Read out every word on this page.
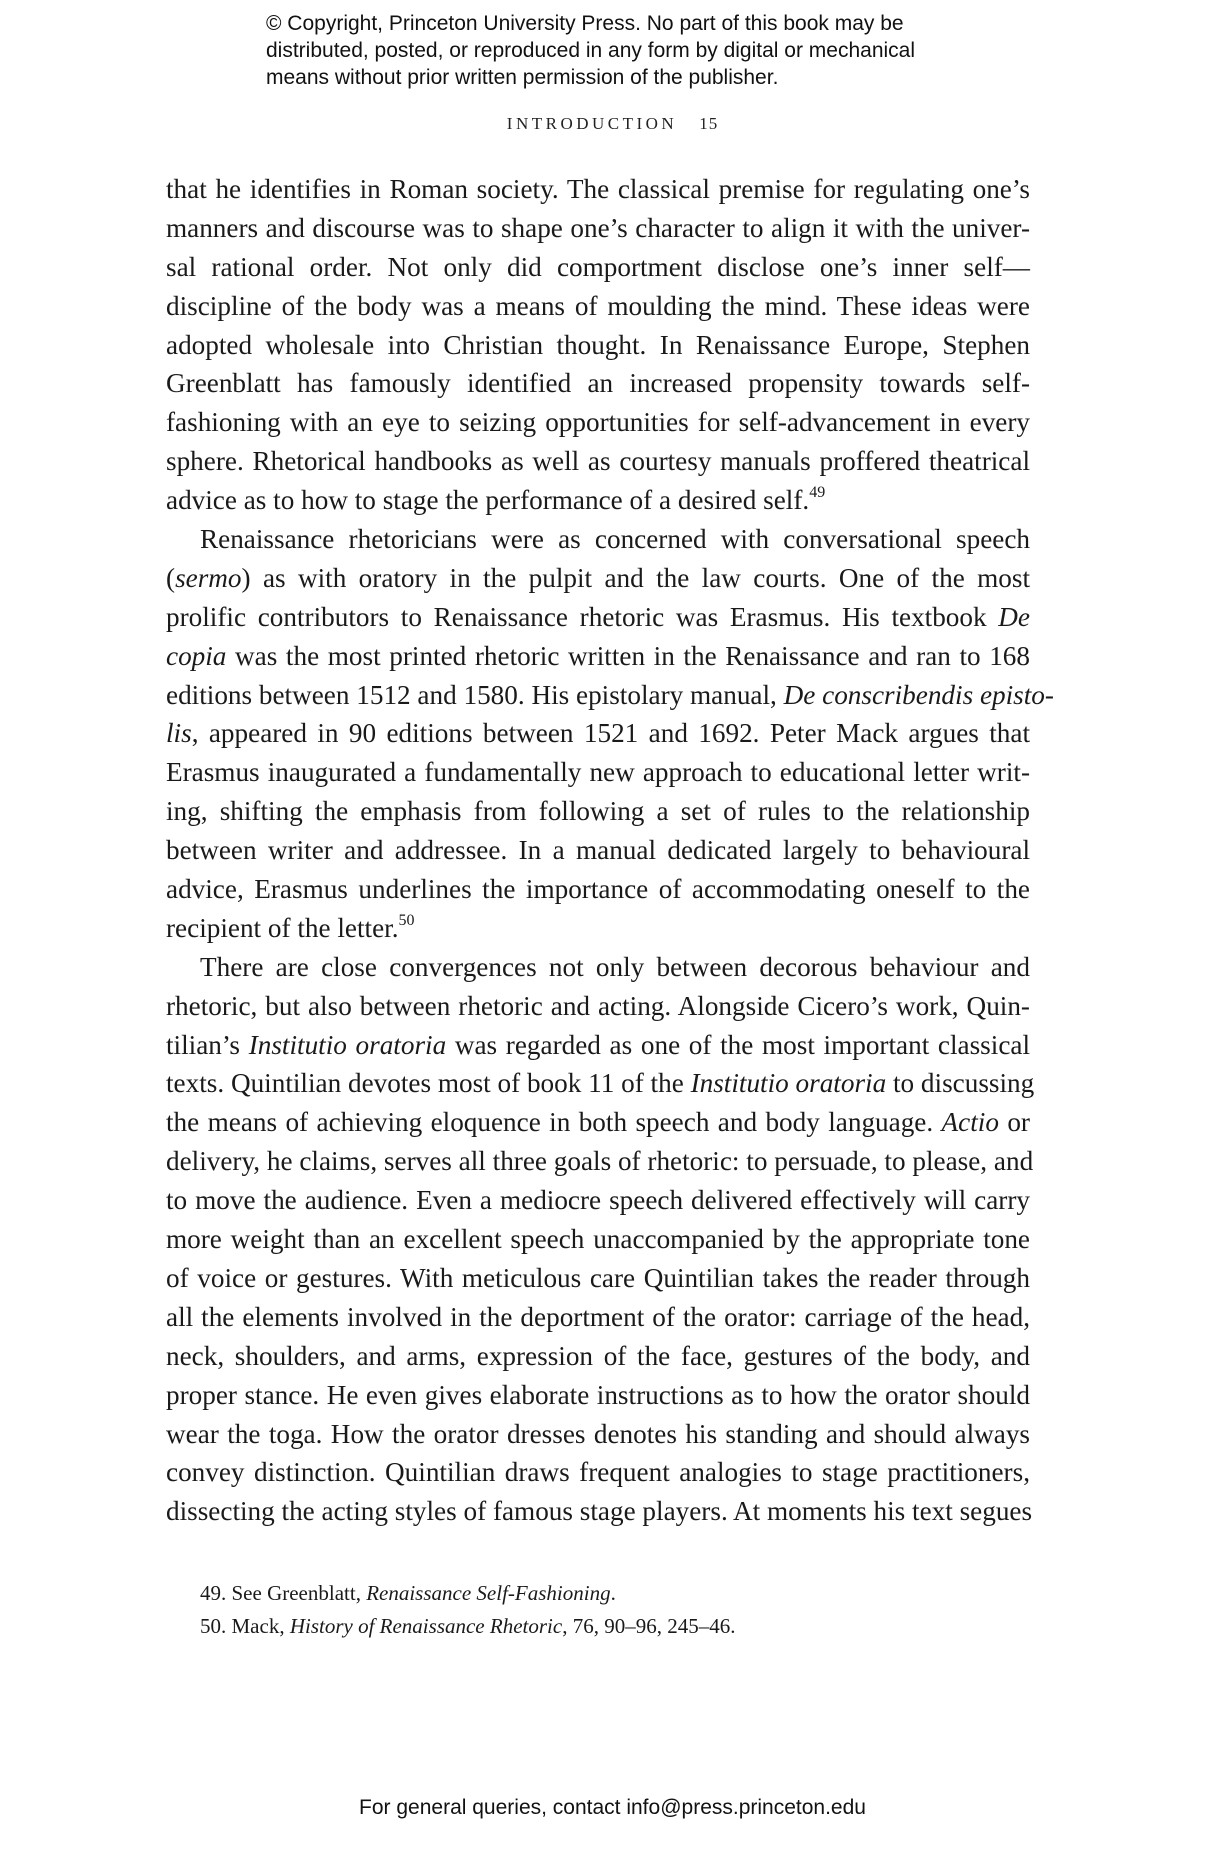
© Copyright, Princeton University Press. No part of this book may be
distributed, posted, or reproduced in any form by digital or mechanical
means without prior written permission of the publisher.
INTRODUCTION 15
that he identifies in Roman society. The classical premise for regulating one’s
manners and discourse was to shape one’s character to align it with the univer-
sal rational order. Not only did comportment disclose one’s inner self—
discipline of the body was a means of moulding the mind. These ideas were
adopted wholesale into Christian thought. In Renaissance Europe, Stephen
Greenblatt has famously identified an increased propensity towards self-
fashioning with an eye to seizing opportunities for self-advancement in every
sphere. Rhetorical handbooks as well as courtesy manuals proffered theatrical
advice as to how to stage the performance of a desired self.$^{49}$
Renaissance rhetoricians were as concerned with conversational speech
(sermo) as with oratory in the pulpit and the law courts. One of the most
prolific contributors to Renaissance rhetoric was Erasmus. His textbook De
copia was the most printed rhetoric written in the Renaissance and ran to 168
editions between 1512 and 1580. His epistolary manual, De conscribendis episto-
lis, appeared in 90 editions between 1521 and 1692. Peter Mack argues that
Erasmus inaugurated a fundamentally new approach to educational letter writ-
ing, shifting the emphasis from following a set of rules to the relationship
between writer and addressee. In a manual dedicated largely to behavioural
advice, Erasmus underlines the importance of accommodating oneself to the
recipient of the letter.$^{50}$
There are close convergences not only between decorous behaviour and
rhetoric, but also between rhetoric and acting. Alongside Cicero’s work, Quin-
tilian’s Institutio oratoria was regarded as one of the most important classical
texts. Quintilian devotes most of book 11 of the Institutio oratoria to discussing
the means of achieving eloquence in both speech and body language. Actio or
delivery, he claims, serves all three goals of rhetoric: to persuade, to please, and
to move the audience. Even a mediocre speech delivered effectively will carry
more weight than an excellent speech unaccompanied by the appropriate tone
of voice or gestures. With meticulous care Quintilian takes the reader through
all the elements involved in the deportment of the orator: carriage of the head,
neck, shoulders, and arms, expression of the face, gestures of the body, and
proper stance. He even gives elaborate instructions as to how the orator should
wear the toga. How the orator dresses denotes his standing and should always
convey distinction. Quintilian draws frequent analogies to stage practitioners,
dissecting the acting styles of famous stage players. At moments his text segues
49. See Greenblatt, Renaissance Self-Fashioning.
50. Mack, History of Renaissance Rhetoric, 76, 90–96, 245–46.
For general queries, contact info@press.princeton.edu
